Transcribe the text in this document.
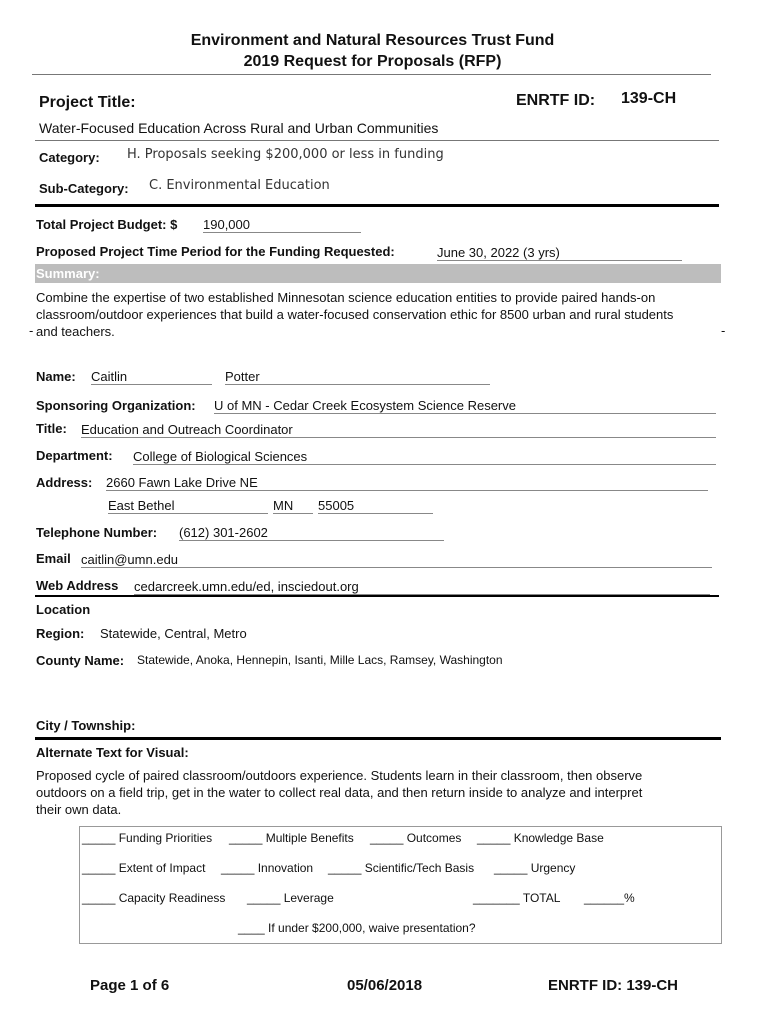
Environment and Natural Resources Trust Fund
2019 Request for Proposals (RFP)
Project Title:	ENRTF ID: 139-CH
Water-Focused Education Across Rural and Urban Communities
Category: H. Proposals seeking $200,000 or less in funding
Sub-Category: C. Environmental Education
Total Project Budget: $ 190,000
Proposed Project Time Period for the Funding Requested:	June 30, 2022 (3 yrs)
Summary:
Combine the expertise of two established Minnesotan science education entities to provide paired hands-on
classroom/outdoor experiences that build a water-focused conservation ethic for 8500 urban and rural students
and teachers.
-	-
Name: Caitlin	Potter
Sponsoring Organization: U of MN - Cedar Creek Ecosystem Science Reserve
Title: Education and Outreach Coordinator
Department: College of Biological Sciences
Address: 2660 Fawn Lake Drive NE
East Bethel	MN	55005
Telephone Number: (612) 301-2602
Email caitlin@umn.edu
Web Address cedarcreek.umn.edu/ed, insciedout.org
Location
Region: Statewide, Central, Metro
County Name: Statewide, Anoka, Hennepin, Isanti, Mille Lacs, Ramsey, Washington
City / Township:
Alternate Text for Visual:
Proposed cycle of paired classroom/outdoors experience. Students learn in their classroom, then observe
outdoors on a field trip, get in the water to collect real data, and then return inside to analyze and interpret
their own data.
_____ Funding Priorities _____ Multiple Benefits _____ Outcomes _____ Knowledge Base
_____ Extent of Impact _____ Innovation _____ Scientific/Tech Basis _____ Urgency
_____ Capacity Readiness _____ Leverage	_______ TOTAL ______%
____ If under $200,000, waive presentation?
Page 1 of 6	05/06/2018	ENRTF ID: 139-CH
